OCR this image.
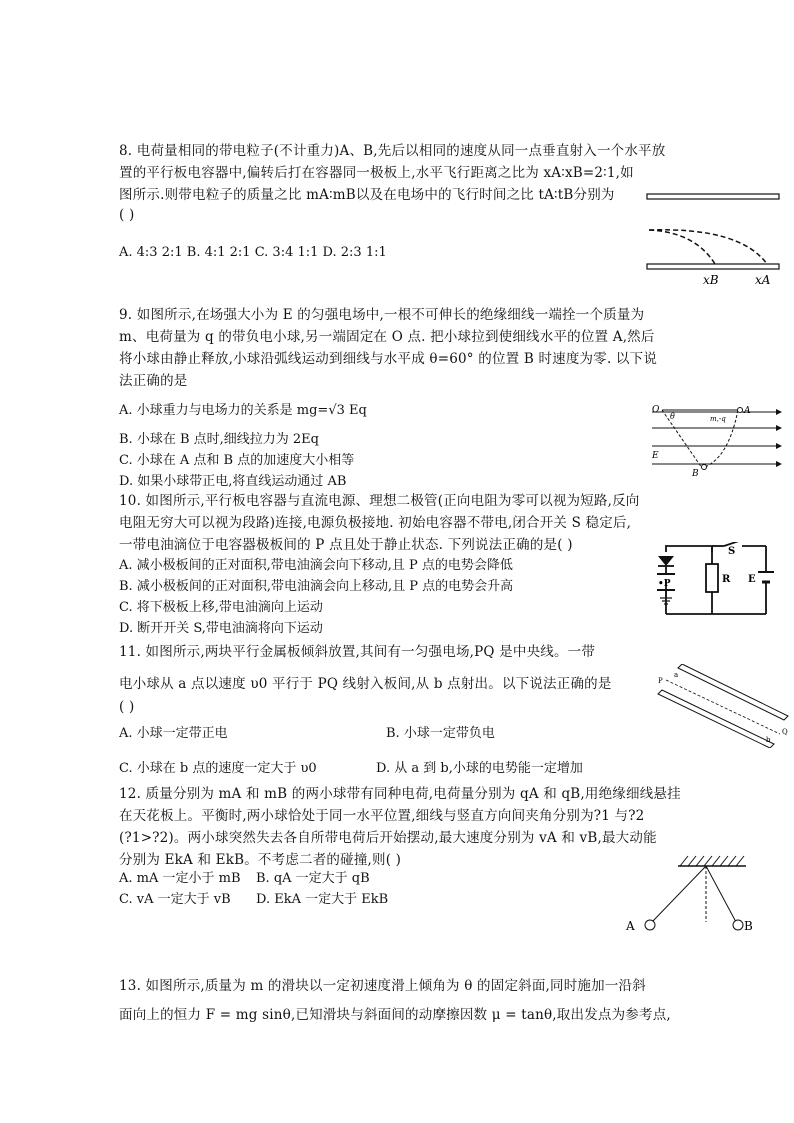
8. 电荷量相同的带电粒子(不计重力)A、B,先后以相同的速度从同一点垂直射入一个水平放
置的平行板电容器中,偏转后打在容器同一极板上,水平飞行距离之比为 xA∶xB=2∶1,如
图所示.则带电粒子的质量之比 mA∶mB以及在电场中的飞行时间之比 tA∶tB分别为
( )
A. 4:3 2:1 B. 4:1 2:1 C. 3:4 1:1 D. 2:3 1:1
xB	xA
9. 如图所示,在场强大小为 E 的匀强电场中,一根不可伸长的绝缘细线一端拴一个质量为
m、电荷量为 q 的带负电小球,另一端固定在 O 点. 把小球拉到使细线水平的位置 A,然后
将小球由静止释放,小球沿弧线运动到细线与水平成 θ=60° 的位置 B 时速度为零. 以下说
法正确的是
A. 小球重力与电场力的关系是 mg=√3 Eq
B. 小球在 B 点时,细线拉力为 2Eq
C. 小球在 A 点和 B 点的加速度大小相等
D. 如果小球带正电,将直线运动通过 AB
O
θ	m,-q
A
E
B
10. 如图所示,平行板电容器与直流电源、理想二极管(正向电阻为零可以视为短路,反向
电阻无穷大可以视为段路)连接,电源负极接地. 初始电容器不带电,闭合开关 S 稳定后,
一带电油滴位于电容器极板间的 P 点且处于静止状态. 下列说法正确的是( )
A. 减小极板间的正对面积,带电油滴会向下移动,且 P 点的电势会降低
B. 减小极板间的正对面积,带电油滴会向上移动,且 P 点的电势会升高
C. 将下极板上移,带电油滴向上运动
D. 断开开关 S,带电油滴将向下运动
S
R E
•P
11. 如图所示,两块平行金属板倾斜放置,其间有一匀强电场,PQ 是中央线。一带
电小球从 a 点以速度 υ0 平行于 PQ 线射入板间,从 b 点射出。以下说法正确的是
( )
A. 小球一定带正电	B. 小球一定带负电
C. 小球在 b 点的速度一定大于 υ0	D. 从 a 到 b,小球的电势能一定增加
P
a
b
Q
12. 质量分别为 mA 和 mB 的两小球带有同种电荷,电荷量分别为 qA 和 qB,用绝缘细线悬挂
在天花板上。平衡时,两小球恰处于同一水平位置,细线与竖直方向间夹角分别为?1 与?2
(?1>?2)。两小球突然失去各自所带电荷后开始摆动,最大速度分别为 vA 和 vB,最大动能
分别为 EkA 和 EkB。不考虑二者的碰撞,则( )
A. mA 一定小于 mB B. qA 一定大于 qB
C. vA 一定大于 vB D. EkA 一定大于 EkB
A	B
13. 如图所示,质量为 m 的滑块以一定初速度滑上倾角为 θ 的固定斜面,同时施加一沿斜
面向上的恒力 F = mg sinθ,已知滑块与斜面间的动摩擦因数 μ = tanθ,取出发点为参考点,
